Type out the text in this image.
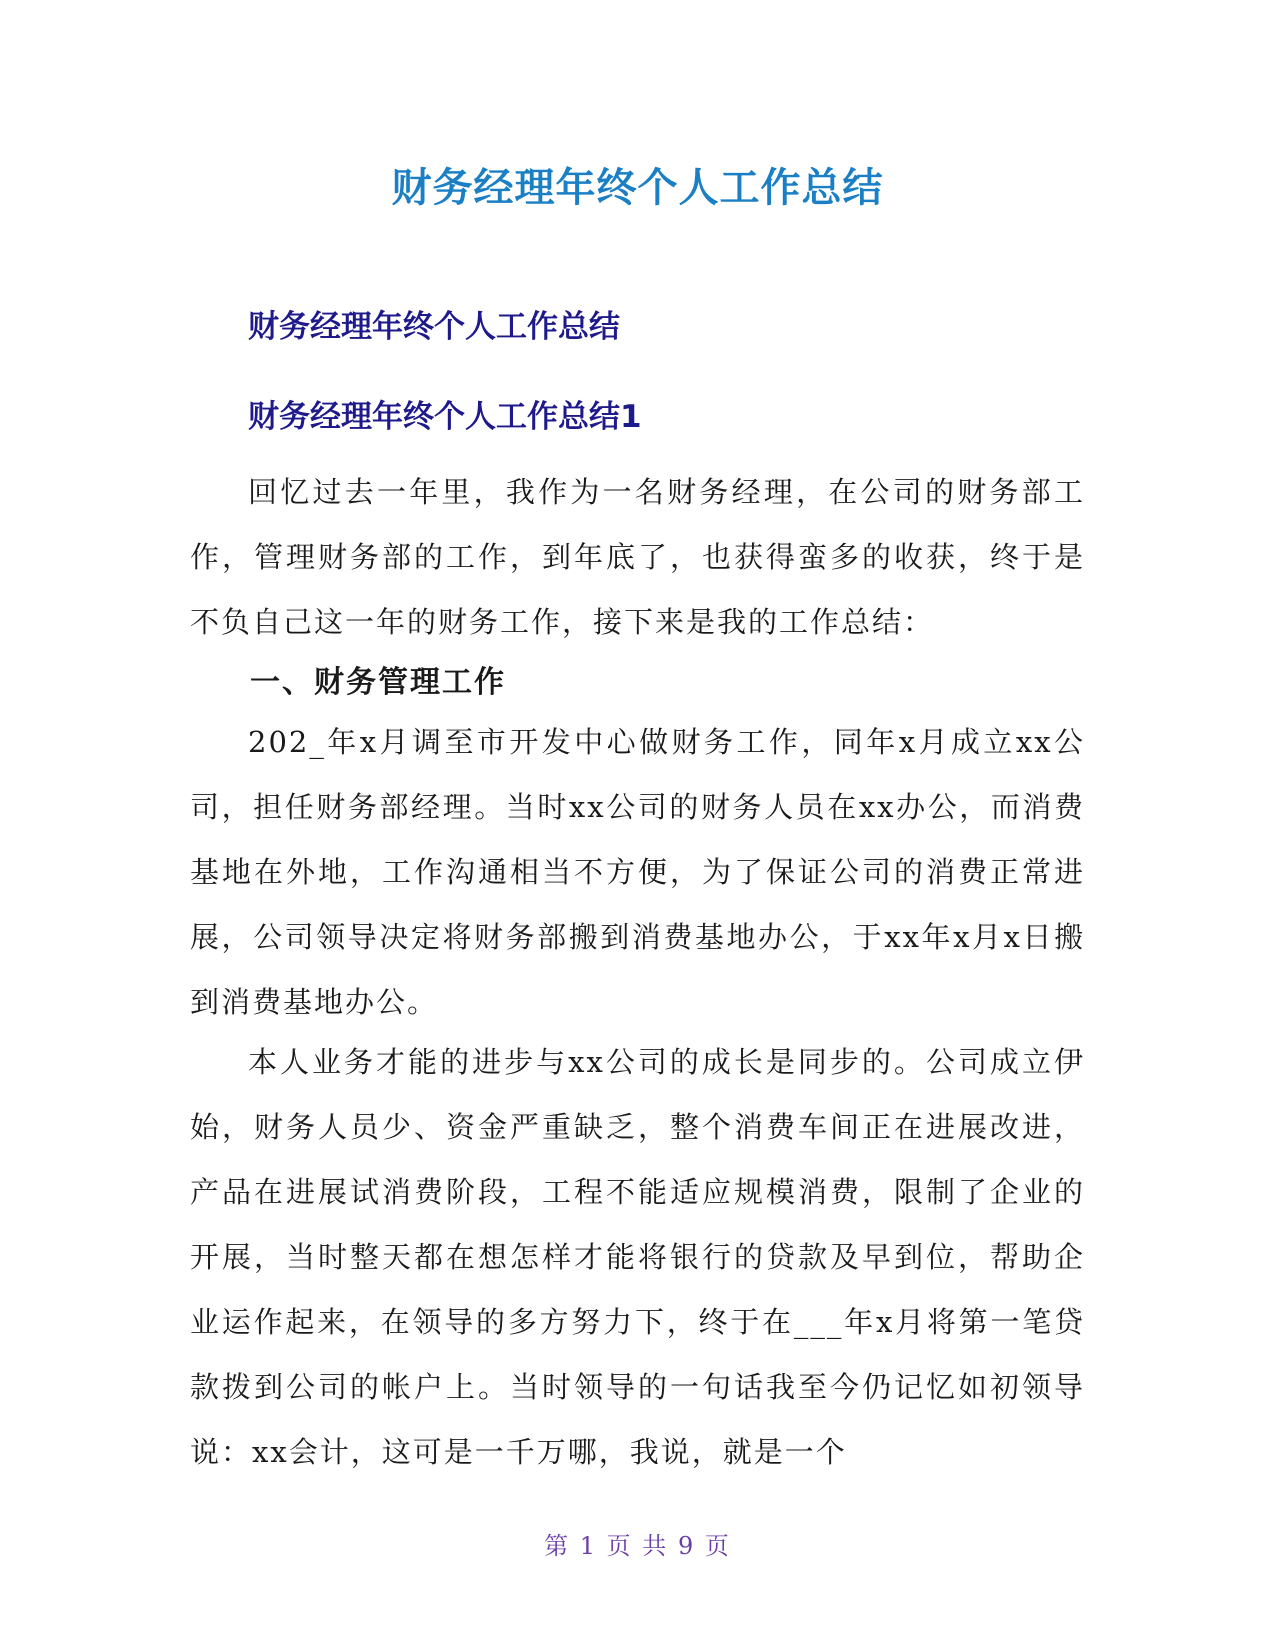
财务经理年终个人工作总结
财务经理年终个人工作总结
财务经理年终个人工作总结1
回忆过去一年里，我作为一名财务经理，在公司的财务部工作，管理财务部的工作，到年底了，也获得蛮多的收获，终于是不负自己这一年的财务工作，接下来是我的工作总结：
一、财务管理工作
202_年x月调至市开发中心做财务工作，同年x月成立xx公司，担任财务部经理。当时xx公司的财务人员在xx办公，而消费基地在外地，工作沟通相当不方便，为了保证公司的消费正常进展，公司领导决定将财务部搬到消费基地办公，于xx年x月x日搬到消费基地办公。
本人业务才能的进步与xx公司的成长是同步的。公司成立伊始，财务人员少、资金严重缺乏，整个消费车间正在进展改进，产品在进展试消费阶段，工程不能适应规模消费，限制了企业的开展，当时整天都在想怎样才能将银行的贷款及早到位，帮助企业运作起来，在领导的多方努力下，终于在___年x月将第一笔贷款拨到公司的帐户上。当时领导的一句话我至今仍记忆如初领导说：xx会计，这可是一千万哪，我说，就是一个
第 1 页 共 9 页
